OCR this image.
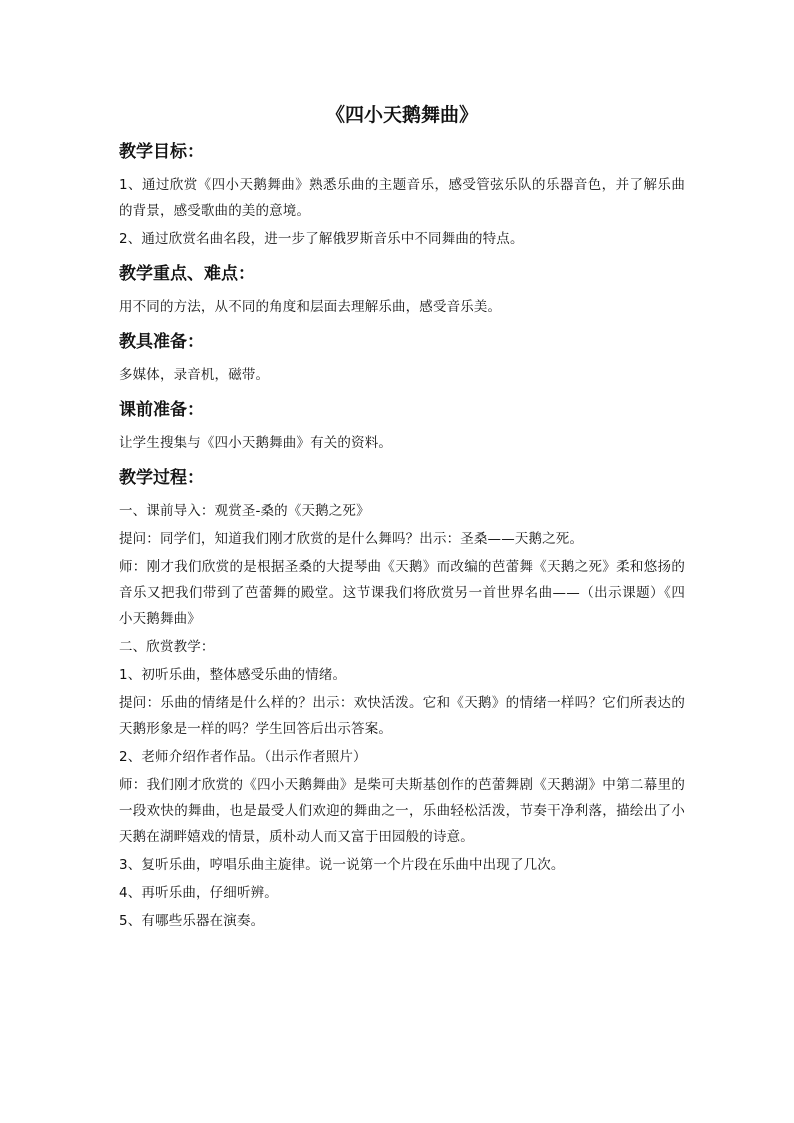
《四小天鹅舞曲》
教学目标：

1、通过欣赏《四小天鹅舞曲》熟悉乐曲的主题音乐，感受管弦乐队的乐器音色，并了解乐曲的背景，感受歌曲的美的意境。

2、通过欣赏名曲名段，进一步了解俄罗斯音乐中不同舞曲的特点。

教学重点、难点：

用不同的方法，从不同的角度和层面去理解乐曲，感受音乐美。

教具准备：

多媒体，录音机，磁带。

课前准备：

让学生搜集与《四小天鹅舞曲》有关的资料。

教学过程：

一、课前导入：观赏圣-桑的《天鹅之死》

提问：同学们，知道我们刚才欣赏的是什么舞吗？出示：圣桑——天鹅之死。

师：刚才我们欣赏的是根据圣桑的大提琴曲《天鹅》而改编的芭蕾舞《天鹅之死》柔和悠扬的音乐又把我们带到了芭蕾舞的殿堂。这节课我们将欣赏另一首世界名曲——（出示课题）《四小天鹅舞曲》

二、欣赏教学：

1、初听乐曲，整体感受乐曲的情绪。

提问：乐曲的情绪是什么样的？出示：欢快活泼。它和《天鹅》的情绪一样吗？它们所表达的天鹅形象是一样的吗？学生回答后出示答案。

2、老师介绍作者作品。（出示作者照片）

师：我们刚才欣赏的《四小天鹅舞曲》是柴可夫斯基创作的芭蕾舞剧《天鹅湖》中第二幕里的一段欢快的舞曲，也是最受人们欢迎的舞曲之一，乐曲轻松活泼，节奏干净利落，描绘出了小天鹅在湖畔嬉戏的情景，质朴动人而又富于田园般的诗意。

3、复听乐曲，哼唱乐曲主旋律。说一说第一个片段在乐曲中出现了几次。

4、再听乐曲，仔细听辨。

5、有哪些乐器在演奏。
